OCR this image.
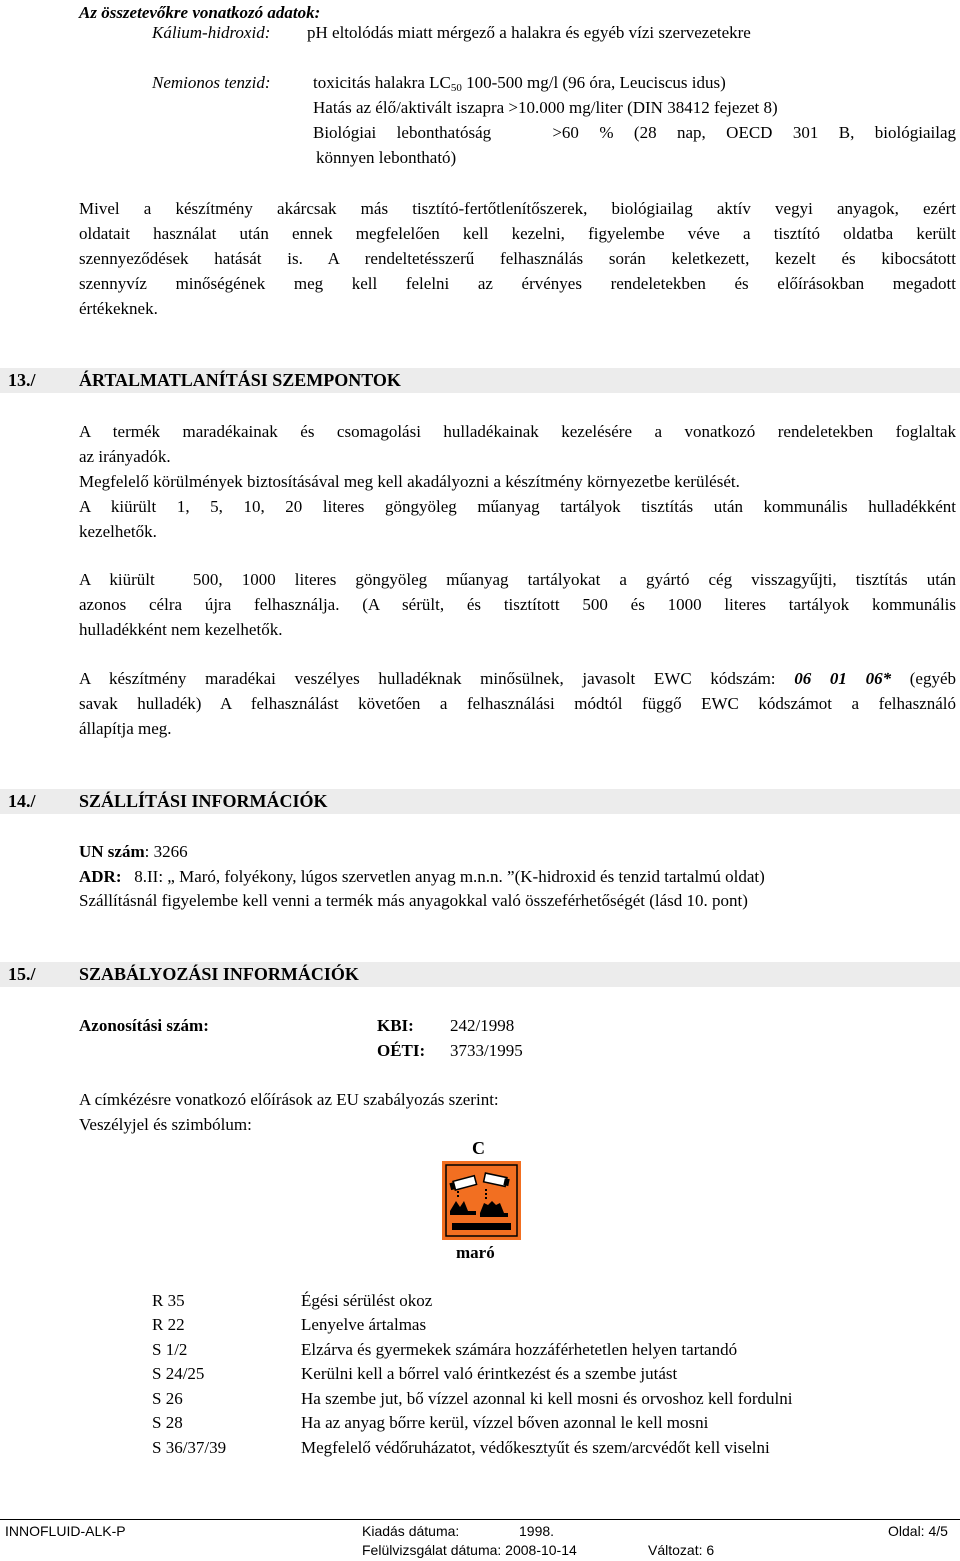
Az összetevőkre vonatkozó adatok:
Kálium-hidroxid: pH eltolódás miatt mérgező a halakra és egyéb vízi szervezetekre
Nemionos tenzid: toxicitás halakra $LC_{50}$ 100-500 mg/l (96 óra, Leuciscus idus)
Hatás az élő/aktivált iszapra >10.000 mg/liter (DIN 38412 fejezet 8)
Biológiai lebonthatóság   >60 % (28 nap, OECD 301 B, biológiailag
könnyen lebontható)
Mivel a készítmény akárcsak más tisztító-fertőtlenítőszerek, biológiailag aktív vegyi anyagok, ezért
oldatait használat után ennek megfelelően kell kezelni, figyelembe véve a tisztító oldatba került
szennyeződések hatását is. A rendeltetésszerű felhasználás során keletkezett, kezelt és kibocsátott
szennyvíz minőségének meg kell felelni az érvényes rendeletekben és előírásokban megadott
értékeknek.
13./ ÁRTALMATLANÍTÁSI SZEMPONTOK
A termék maradékainak és csomagolási hulladékainak kezelésére a vonatkozó rendeletekben foglaltak
az irányadók.
Megfelelő körülmények biztosításával meg kell akadályozni a készítmény környezetbe kerülését.
A kiürült 1, 5, 10, 20 literes göngyöleg műanyag tartályok tisztítás után kommunális hulladékként
kezelhetők.
A kiürült  500, 1000 literes göngyöleg műanyag tartályokat a gyártó cég visszagyűjti, tisztítás után
azonos célra újra felhasználja. (A sérült, és tisztított 500 és 1000 literes tartályok kommunális
hulladékként nem kezelhetők.
A készítmény maradékai veszélyes hulladéknak minősülnek, javasolt EWC kódszám: 06 01 06* (egyéb
savak hulladék) A felhasználást követően a felhasználási módtól függő EWC kódszámot a felhasználó
állapítja meg.
14./ SZÁLLÍTÁSI INFORMÁCIÓK
UN szám: 3266
ADR:   8.II: „ Maró, folyékony, lúgos szervetlen anyag m.n.n. ”(K-hidroxid és tenzid tartalmú oldat)
Szállításnál figyelembe kell venni a termék más anyagokkal való összeférhetőségét (lásd 10. pont)
15./ SZABÁLYOZÁSI INFORMÁCIÓK
Azonosítási szám:	KBI: 242/1998
OÉTI: 3733/1995
A címkézésre vonatkozó előírások az EU szabályozás szerint:
Veszélyjel és szimbólum:
C
maró
R 35	Égési sérülést okoz
R 22	Lenyelve ártalmas
S 1/2	Elzárva és gyermekek számára hozzáférhetetlen helyen tartandó
S 24/25	Kerülni kell a bőrrel való érintkezést és a szembe jutást
S 26	Ha szembe jut, bő vízzel azonnal ki kell mosni és orvoshoz kell fordulni
S 28	Ha az anyag bőrre kerül, vízzel bőven azonnal le kell mosni
S 36/37/39	Megfelelő védőruházatot, védőkesztyűt és szem/arcvédőt kell viselni
INNOFLUID-ALK-P	Kiadás dátuma:	1998.	Oldal: 4/5
Felülvizsgálat dátuma: 2008-10-14	Változat: 6
